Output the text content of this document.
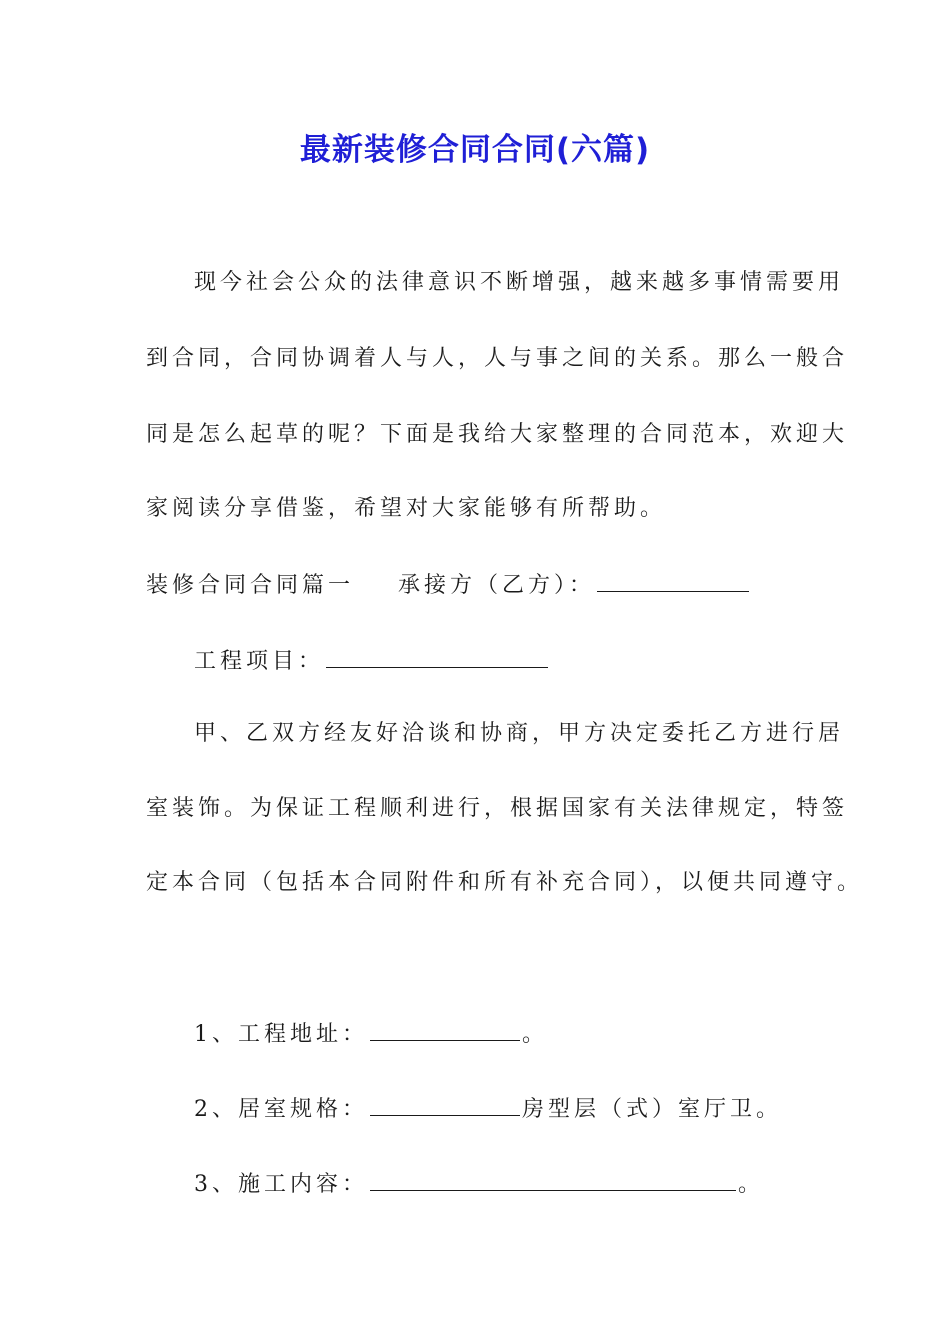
最新装修合同合同(六篇)
现今社会公众的法律意识不断增强，越来越多事情需要用
到合同，合同协调着人与人，人与事之间的关系。那么一般合
同是怎么起草的呢？下面是我给大家整理的合同范本，欢迎大
家阅读分享借鉴，希望对大家能够有所帮助。
装修合同合同篇一 承接方（乙方）：
工程项目：
甲、乙双方经友好洽谈和协商，甲方决定委托乙方进行居
室装饰。为保证工程顺利进行，根据国家有关法律规定，特签
定本合同（包括本合同附件和所有补充合同），以便共同遵守。
1、工程地址：	。
2、居室规格：	房型层（式）室厅卫。
3、施工内容：	。
